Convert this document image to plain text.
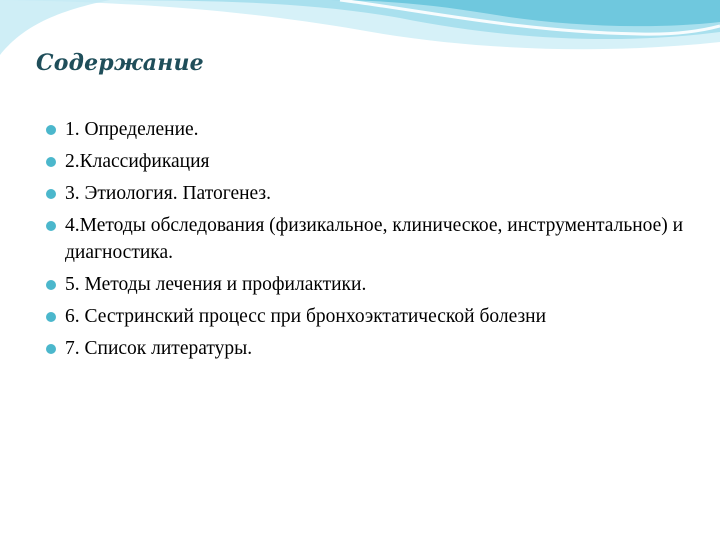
Содержание
1. Определение.
2.Классификация
3. Этиология. Патогенез.
4.Методы обследования (физикальное, клиническое, инструментальное) и диагностика.
5. Методы лечения и профилактики.
6. Сестринский процесс при бронхоэктатической болезни
7. Список литературы.
